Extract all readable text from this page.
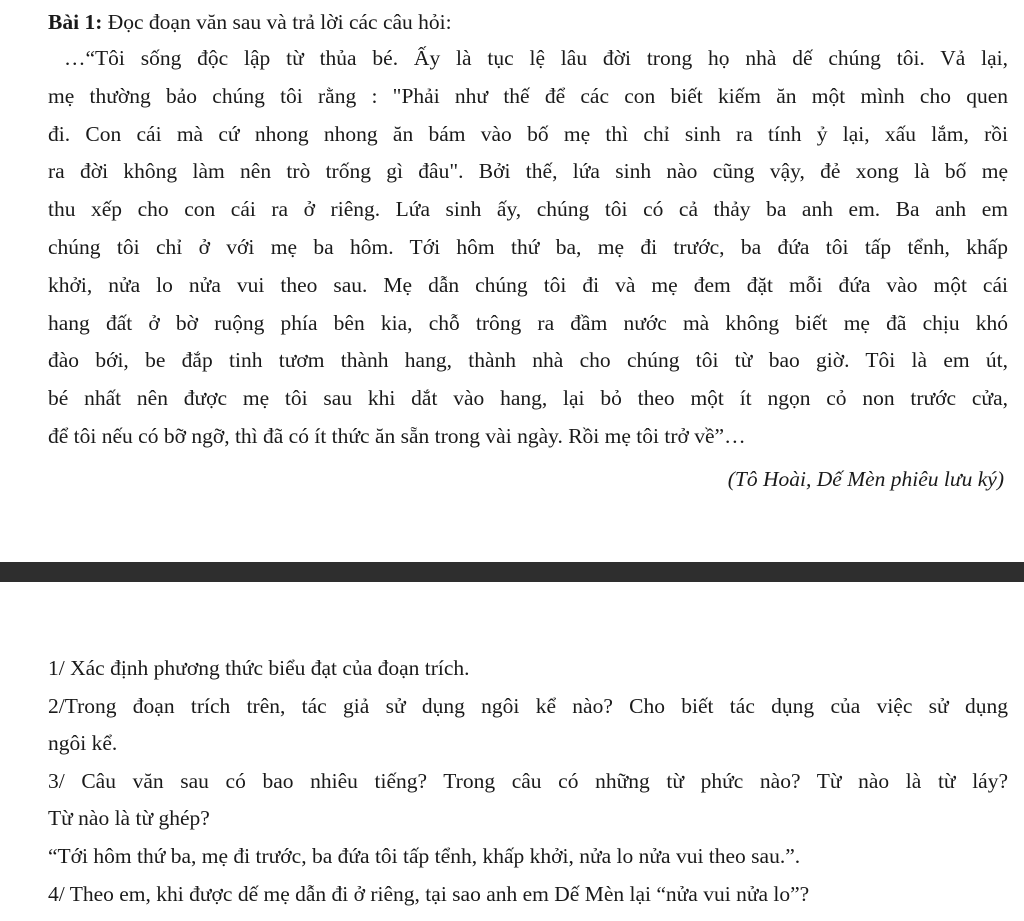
Bài 1: Đọc đoạn văn sau và trả lời các câu hỏi:
…“Tôi sống độc lập từ thủa bé. Ấy là tục lệ lâu đời trong họ nhà dế chúng tôi. Vả lại,
mẹ thường bảo chúng tôi rằng : "Phải như thế để các con biết kiếm ăn một mình cho quen
đi. Con cái mà cứ nhong nhong ăn bám vào bố mẹ thì chỉ sinh ra tính ỷ lại, xấu lắm, rồi
ra đời không làm nên trò trống gì đâu". Bởi thế, lứa sinh nào cũng vậy, đẻ xong là bố mẹ
thu xếp cho con cái ra ở riêng. Lứa sinh ấy, chúng tôi có cả thảy ba anh em. Ba anh em
chúng tôi chỉ ở với mẹ ba hôm. Tới hôm thứ ba, mẹ đi trước, ba đứa tôi tấp tểnh, khấp
khởi, nửa lo nửa vui theo sau. Mẹ dẫn chúng tôi đi và mẹ đem đặt mỗi đứa vào một cái
hang đất ở bờ ruộng phía bên kia, chỗ trông ra đầm nước mà không biết mẹ đã chịu khó
đào bới, be đắp tinh tươm thành hang, thành nhà cho chúng tôi từ bao giờ. Tôi là em út,
bé nhất nên được mẹ tôi sau khi dắt vào hang, lại bỏ theo một ít ngọn cỏ non trước cửa,
để tôi nếu có bỡ ngỡ, thì đã có ít thức ăn sẵn trong vài ngày. Rồi mẹ tôi trở về”…
(Tô Hoài, Dế Mèn phiêu lưu ký)
1/ Xác định phương thức biểu đạt của đoạn trích.
2/Trong đoạn trích trên, tác giả sử dụng ngôi kể nào? Cho biết tác dụng của việc sử dụng
ngôi kể.
3/ Câu văn sau có bao nhiêu tiếng? Trong câu có những từ phức nào? Từ nào là từ láy?
Từ nào là từ ghép?
“Tới hôm thứ ba, mẹ đi trước, ba đứa tôi tấp tểnh, khấp khởi, nửa lo nửa vui theo sau.”.
4/ Theo em, khi được dế mẹ dẫn đi ở riêng, tại sao anh em Dế Mèn lại “nửa vui nửa lo”?
